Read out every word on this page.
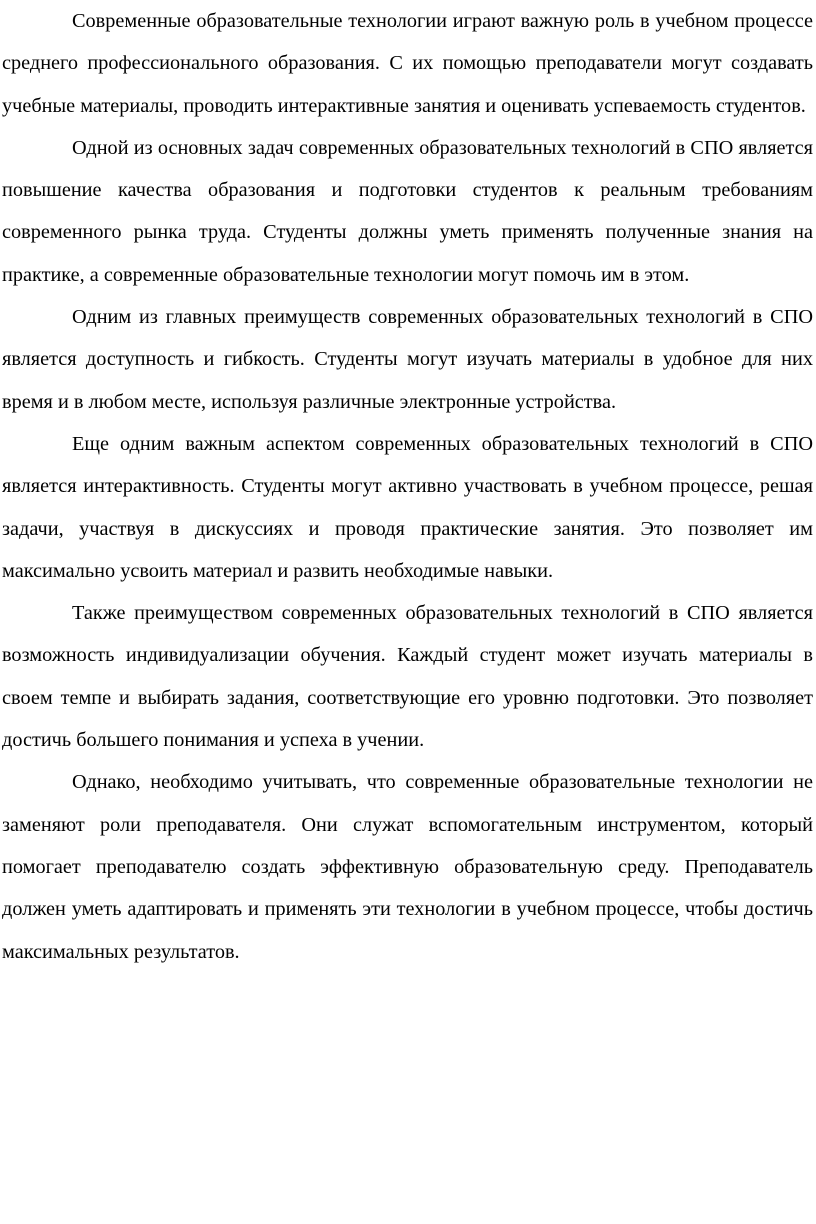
Современные образовательные технологии играют важную роль в учебном процессе среднего профессионального образования. С их помощью преподаватели могут создавать учебные материалы, проводить интерактивные занятия и оценивать успеваемость студентов.

Одной из основных задач современных образовательных технологий в СПО является повышение качества образования и подготовки студентов к реальным требованиям современного рынка труда. Студенты должны уметь применять полученные знания на практике, а современные образовательные технологии могут помочь им в этом.

Одним из главных преимуществ современных образовательных технологий в СПО является доступность и гибкость. Студенты могут изучать материалы в удобное для них время и в любом месте, используя различные электронные устройства.

Еще одним важным аспектом современных образовательных технологий в СПО является интерактивность. Студенты могут активно участвовать в учебном процессе, решая задачи, участвуя в дискуссиях и проводя практические занятия. Это позволяет им максимально усвоить материал и развить необходимые навыки.

Также преимуществом современных образовательных технологий в СПО является возможность индивидуализации обучения. Каждый студент может изучать материалы в своем темпе и выбирать задания, соответствующие его уровню подготовки. Это позволяет достичь большего понимания и успеха в учении.

Однако, необходимо учитывать, что современные образовательные технологии не заменяют роли преподавателя. Они служат вспомогательным инструментом, который помогает преподавателю создать эффективную образовательную среду. Преподаватель должен уметь адаптировать и применять эти технологии в учебном процессе, чтобы достичь максимальных результатов.
